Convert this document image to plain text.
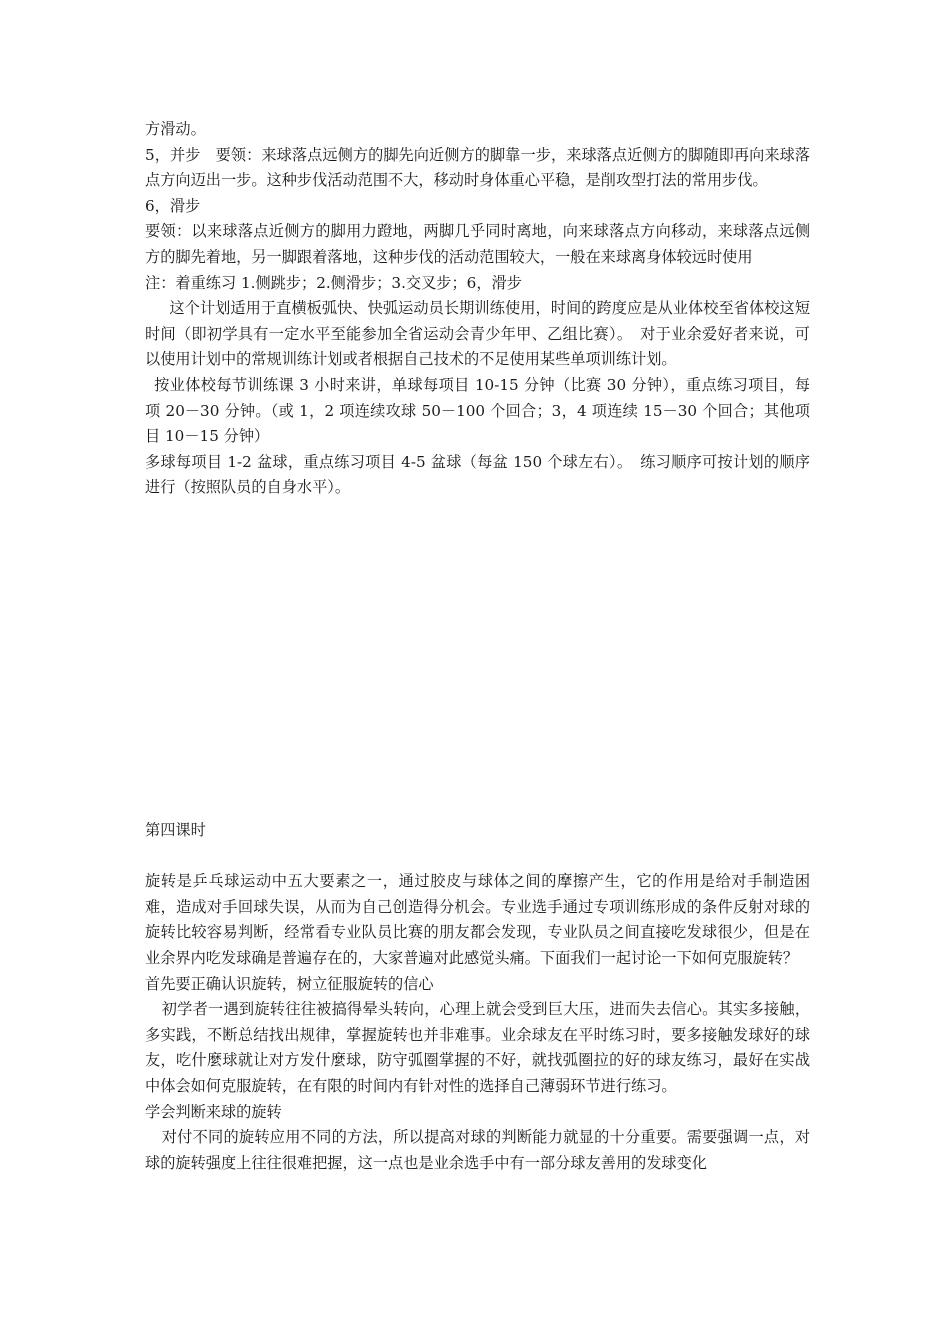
方滑动。

5，并步　要领：来球落点远侧方的脚先向近侧方的脚靠一步，来球落点近侧方的脚随即再向来球落点方向迈出一步。这种步伐活动范围不大，移动时身体重心平稳，是削攻型打法的常用步伐。

6，滑步

要领：以来球落点近侧方的脚用力蹬地，两脚几乎同时离地，向来球落点方向移动，来球落点远侧方的脚先着地，另一脚跟着落地，这种步伐的活动范围较大，一般在来球离身体较远时使用

注：着重练习 1.侧跳步；2.侧滑步；3.交叉步；6，滑步

这个计划适用于直横板弧快、快弧运动员长期训练使用，时间的跨度应是从业体校至省体校这短时间（即初学具有一定水平至能参加全省运动会青少年甲、乙组比赛）。　对于业余爱好者来说，可以使用计划中的常规训练计划或者根据自己技术的不足使用某些单项训练计划。

按业体校每节训练课 3 小时来讲，单球每项目 10-15 分钟（比赛 30 分钟），重点练习项目，每项 20－30 分钟。（或 1，2 项连续攻球 50－100 个回合；3，4 项连续 15－30 个回合；其他项目 10－15 分钟）

多球每项目 1-2 盆球，重点练习项目 4-5 盆球（每盆 150 个球左右）。　练习顺序可按计划的顺序进行（按照队员的自身水平）。

第四课时

旋转是乒乓球运动中五大要素之一，通过胶皮与球体之间的摩擦产生，它的作用是给对手制造困难，造成对手回球失误，从而为自己创造得分机会。专业选手通过专项训练形成的条件反射对球的旋转比较容易判断，经常看专业队员比赛的朋友都会发现，专业队员之间直接吃发球很少，但是在业余界内吃发球确是普遍存在的，大家普遍对此感觉头痛。下面我们一起讨论一下如何克服旋转？

首先要正确认识旋转，树立征服旋转的信心

初学者一遇到旋转往往被搞得晕头转向，心理上就会受到巨大压，进而失去信心。其实多接触，多实践，不断总结找出规律，掌握旋转也并非难事。业余球友在平时练习时，要多接触发球好的球友，吃什麼球就让对方发什麼球，防守弧圈掌握的不好，就找弧圈拉的好的球友练习，最好在实战中体会如何克服旋转，在有限的时间内有针对性的选择自己薄弱环节进行练习。

学会判断来球的旋转

对付不同的旋转应用不同的方法，所以提高对球的判断能力就显的十分重要。需要强调一点，对球的旋转强度上往往很难把握，这一点也是业余选手中有一部分球友善用的发球变化
